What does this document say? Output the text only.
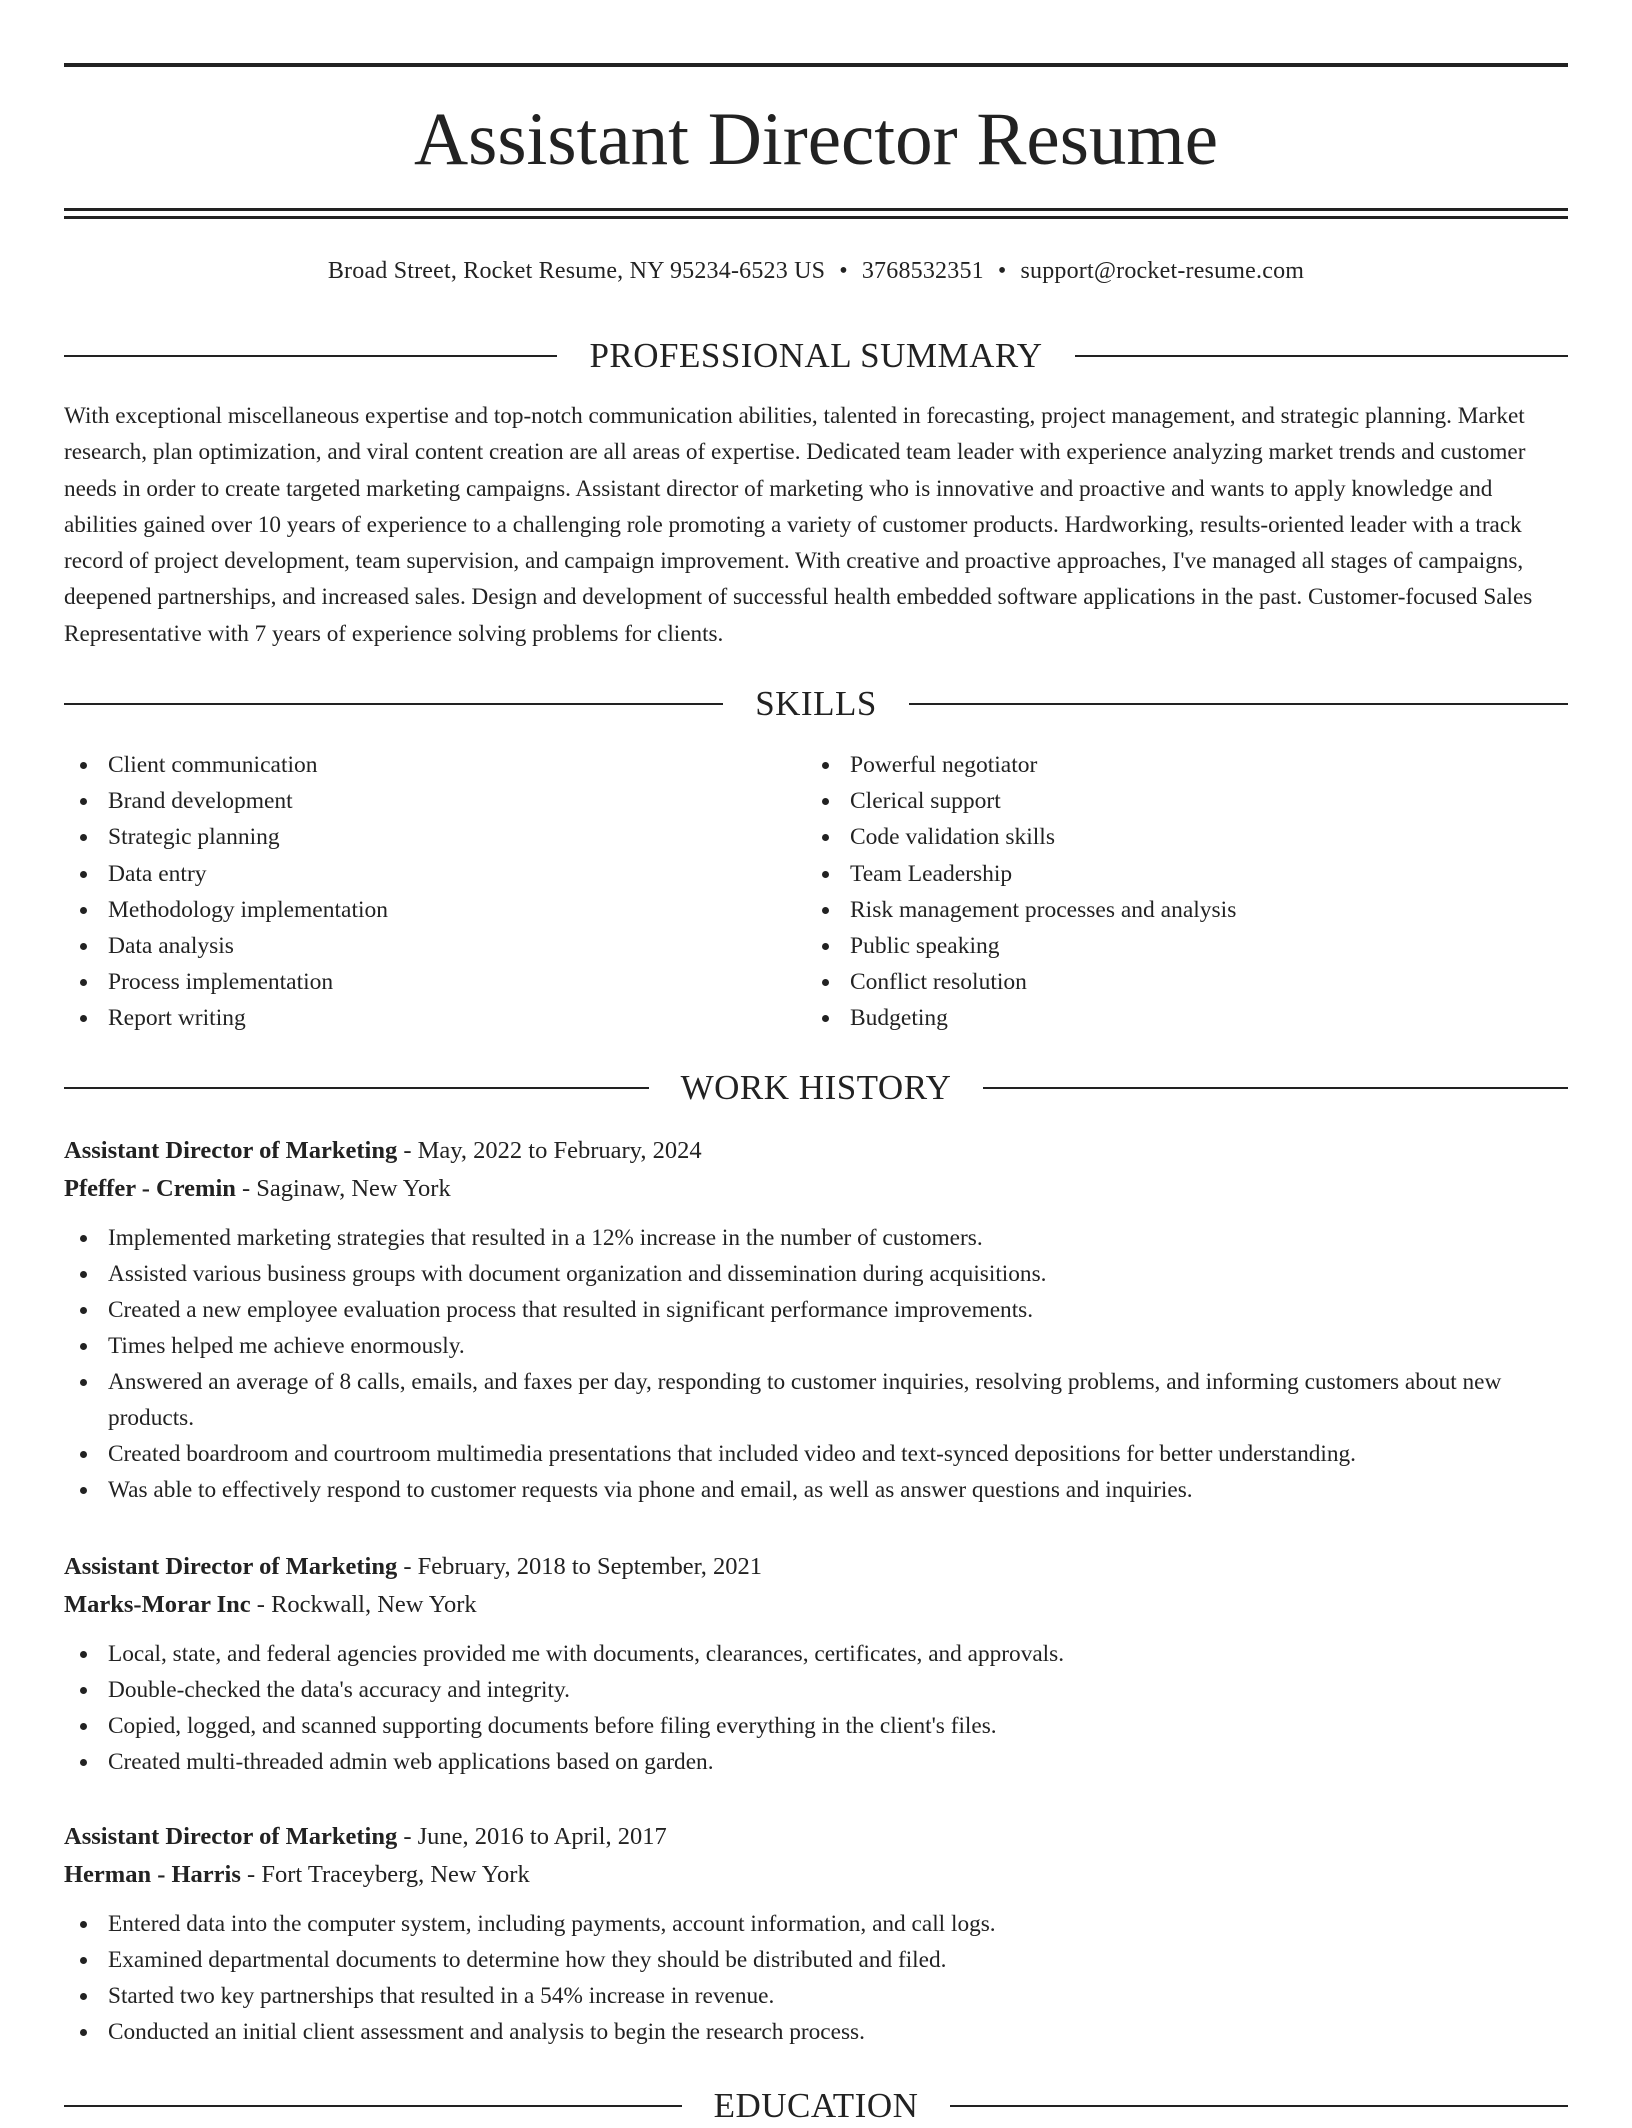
Assistant Director Resume
Broad Street, Rocket Resume, NY 95234-6523 US • 3768532351 • support@rocket-resume.com
PROFESSIONAL SUMMARY

With exceptional miscellaneous expertise and top-notch communication abilities, talented in forecasting, project management, and strategic planning. Market research, plan optimization, and viral content creation are all areas of expertise. Dedicated team leader with experience analyzing market trends and customer needs in order to create targeted marketing campaigns. Assistant director of marketing who is innovative and proactive and wants to apply knowledge and abilities gained over 10 years of experience to a challenging role promoting a variety of customer products. Hardworking, results-oriented leader with a track record of project development, team supervision, and campaign improvement. With creative and proactive approaches, I've managed all stages of campaigns, deepened partnerships, and increased sales. Design and development of successful health embedded software applications in the past. Customer-focused Sales Representative with 7 years of experience solving problems for clients.

SKILLS
Client communication
Brand development
Strategic planning
Data entry
Methodology implementation
Data analysis
Process implementation
Report writing
Powerful negotiator
Clerical support
Code validation skills
Team Leadership
Risk management processes and analysis
Public speaking
Conflict resolution
Budgeting
WORK HISTORY
Assistant Director of Marketing - May, 2022 to February, 2024
Pfeffer - Cremin - Saginaw, New York
Implemented marketing strategies that resulted in a 12% increase in the number of customers.
Assisted various business groups with document organization and dissemination during acquisitions.
Created a new employee evaluation process that resulted in significant performance improvements.
Times helped me achieve enormously.
Answered an average of 8 calls, emails, and faxes per day, responding to customer inquiries, resolving problems, and informing customers about new products.
Created boardroom and courtroom multimedia presentations that included video and text-synced depositions for better understanding.
Was able to effectively respond to customer requests via phone and email, as well as answer questions and inquiries.
Assistant Director of Marketing - February, 2018 to September, 2021
Marks-Morar Inc - Rockwall, New York
Local, state, and federal agencies provided me with documents, clearances, certificates, and approvals.
Double-checked the data's accuracy and integrity.
Copied, logged, and scanned supporting documents before filing everything in the client's files.
Created multi-threaded admin web applications based on garden.
Assistant Director of Marketing - June, 2016 to April, 2017
Herman - Harris - Fort Traceyberg, New York
Entered data into the computer system, including payments, account information, and call logs.
Examined departmental documents to determine how they should be distributed and filed.
Started two key partnerships that resulted in a 54% increase in revenue.
Conducted an initial client assessment and analysis to begin the research process.
EDUCATION
